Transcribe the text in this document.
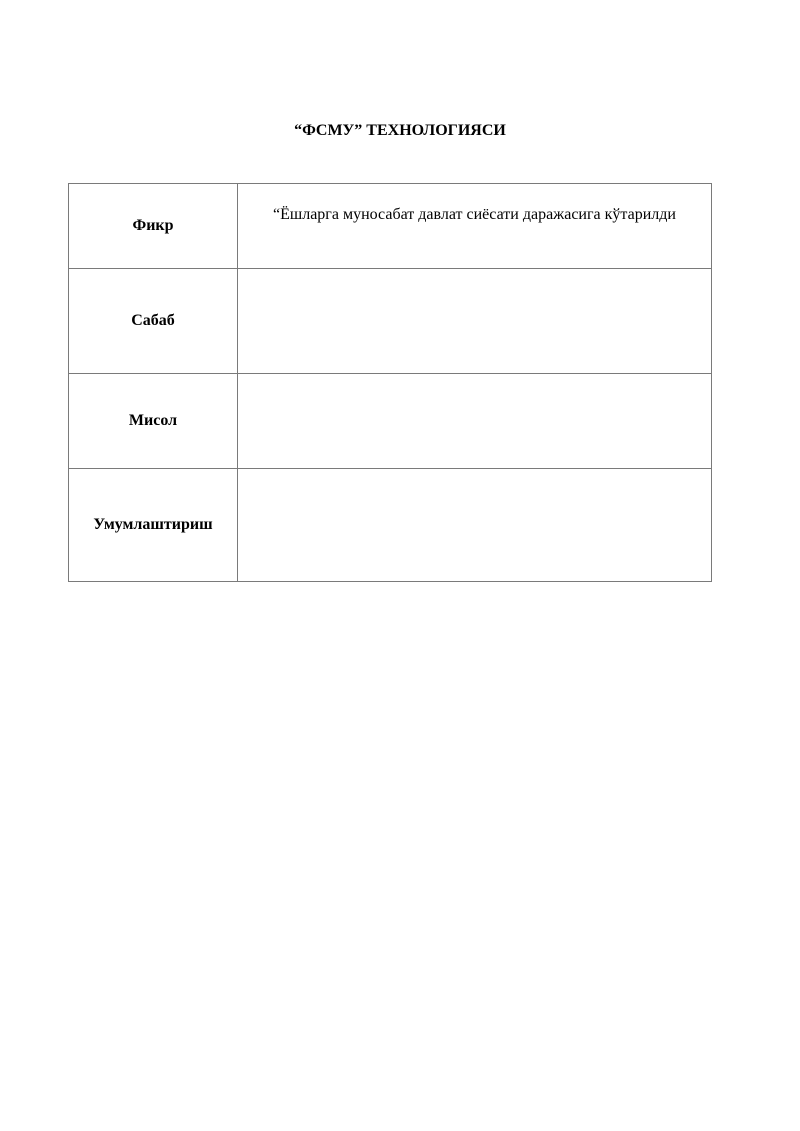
“ФСМУ” ТЕХНОЛОГИЯСИ
Фикр	“Ёшларга муносабат давлат сиёсати даражасига кўтарилди

Сабаб	

Мисол	

Умумлаштириш	
